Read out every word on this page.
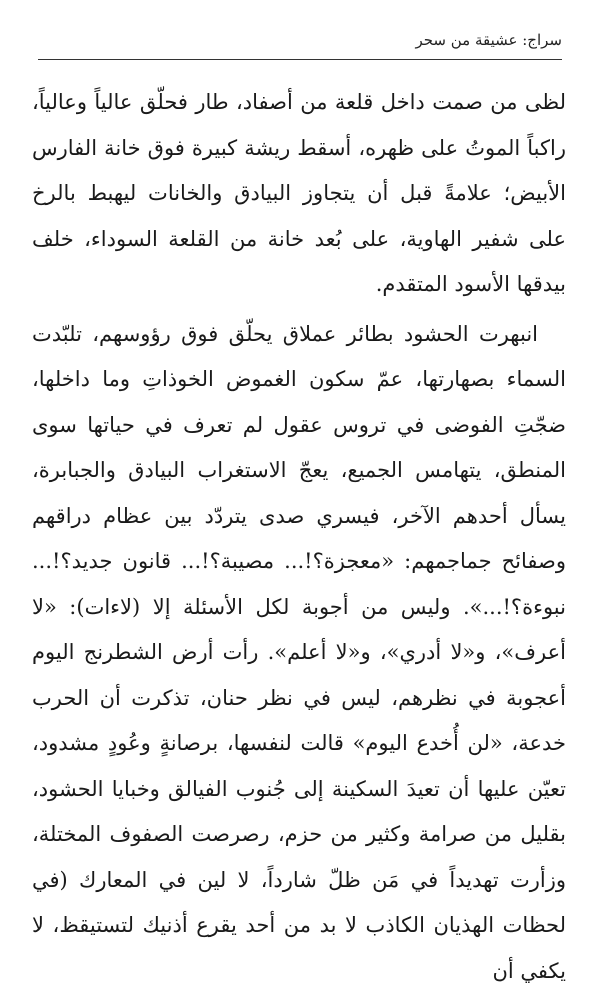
سراج: عشيقة من سحر

لظى من صمت داخل قلعة من أصفاد، طار فحلّق عالياً وعالياً، راكباً الموتُ على ظهره، أسقط ريشة كبيرة فوق خانة الفارس الأبيض؛ علامةً قبل أن يتجاوز البيادق والخانات ليهبط بالرخ على شفير الهاوية، على بُعد خانة من القلعة السوداء، خلف بيدقها الأسود المتقدم.

انبهرت الحشود بطائر عملاق يحلّق فوق رؤوسهم، تلبّدت السماء بصهارتها، عمّ سكون الغموض الخوذاتِ وما داخلها، ضجّتِ الفوضى في تروس عقول لم تعرف في حياتها سوى المنطق، يتهامس الجميع، يعجّ الاستغراب البيادق والجبابرة، يسأل أحدهم الآخر، فيسري صدى يتردّد بين عظام دراقهم وصفائح جماجمهم: «معجزة؟!... مصيبة؟!... قانون جديد؟!... نبوءة؟!...». وليس من أجوبة لكل الأسئلة إلا (لاءات): «لا أعرف»، و«لا أدري»، و«لا أعلم». رأت أرض الشطرنج اليوم أعجوبة في نظرهم، ليس في نظر حنان، تذكرت أن الحرب خدعة، «لن أُخدع اليوم» قالت لنفسها، برصانةٍ وعُودٍ مشدود، تعيّن عليها أن تعيدَ السكينة إلى جُنوب الفيالق وخبايا الحشود، بقليل من صرامة وكثير من حزم، رصرصت الصفوف المختلة، وزأرت تهديداً في مَن ظلّ شارداً، لا لين في المعارك (في لحظات الهذيان الكاذب لا بد من أحد يقرع أذنيك لتستيقظ، لا يكفي أن
